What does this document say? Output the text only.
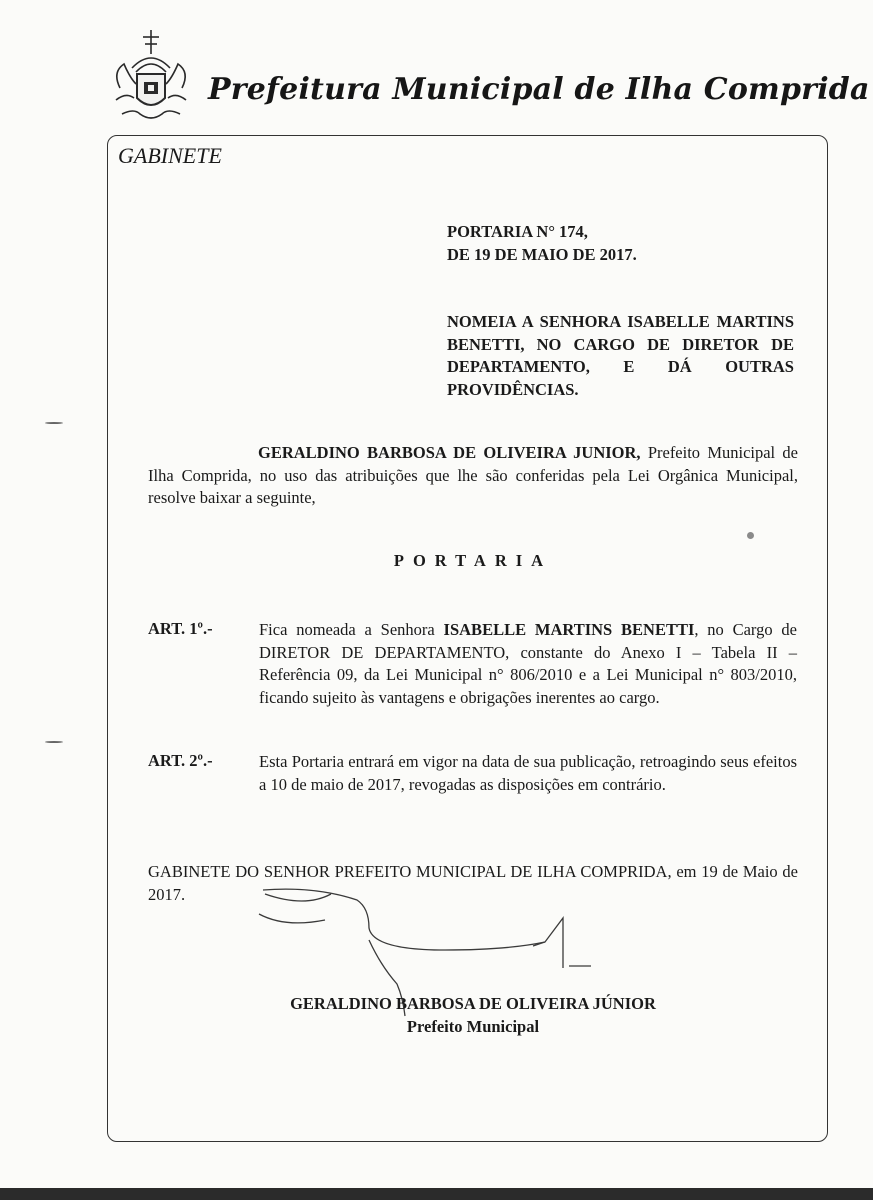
Prefeitura Municipal de Ilha Comprida
GABINETE
PORTARIA N° 174,
DE 19 DE MAIO DE 2017.
NOMEIA A SENHORA ISABELLE MARTINS BENETTI, NO CARGO DE DIRETOR DE DEPARTAMENTO, E DÁ OUTRAS PROVIDÊNCIAS.
GERALDINO BARBOSA DE OLIVEIRA JUNIOR, Prefeito Municipal de Ilha Comprida, no uso das atribuições que lhe são conferidas pela Lei Orgânica Municipal, resolve baixar a seguinte,
PORTARIA
ART. 1º.-	Fica nomeada a Senhora ISABELLE MARTINS BENETTI, no Cargo de DIRETOR DE DEPARTAMENTO, constante do Anexo I – Tabela II – Referência 09, da Lei Municipal n° 806/2010 e a Lei Municipal n° 803/2010, ficando sujeito às vantagens e obrigações inerentes ao cargo.
ART. 2º.-	Esta Portaria entrará em vigor na data de sua publicação, retroagindo seus efeitos a 10 de maio de 2017, revogadas as disposições em contrário.
GABINETE DO SENHOR PREFEITO MUNICIPAL DE ILHA COMPRIDA, em 19 de Maio de 2017.
GERALDINO BARBOSA DE OLIVEIRA JÚNIOR
Prefeito Municipal
